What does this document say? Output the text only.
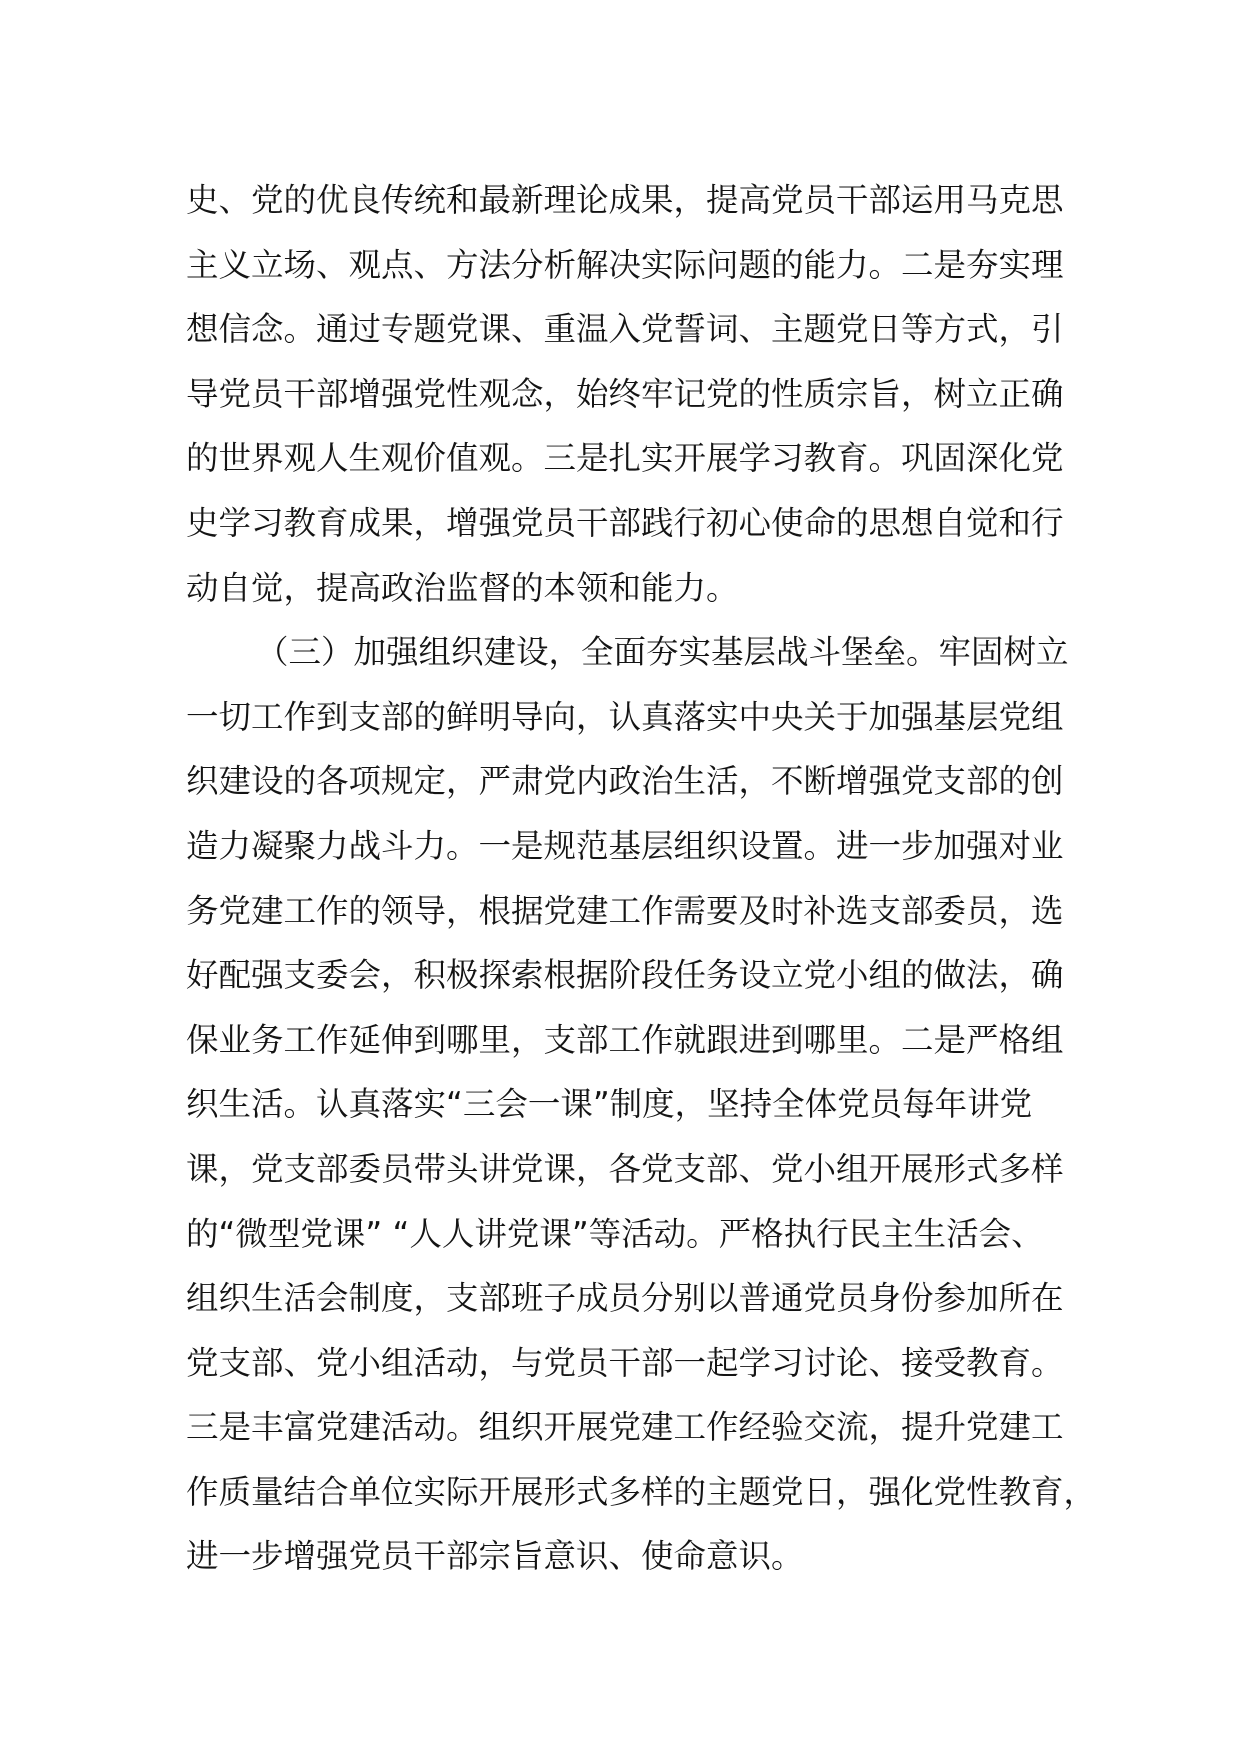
史、党的优良传统和最新理论成果，提高党员干部运用马克思
主义立场、观点、方法分析解决实际问题的能力。二是夯实理
想信念。通过专题党课、重温入党誓词、主题党日等方式，引
导党员干部增强党性观念，始终牢记党的性质宗旨，树立正确
的世界观人生观价值观。三是扎实开展学习教育。巩固深化党
史学习教育成果，增强党员干部践行初心使命的思想自觉和行
动自觉，提高政治监督的本领和能力。
（三）加强组织建设，全面夯实基层战斗堡垒。牢固树立
一切工作到支部的鲜明导向，认真落实中央关于加强基层党组
织建设的各项规定，严肃党内政治生活，不断增强党支部的创
造力凝聚力战斗力。一是规范基层组织设置。进一步加强对业
务党建工作的领导，根据党建工作需要及时补选支部委员，选
好配强支委会，积极探索根据阶段任务设立党小组的做法，确
保业务工作延伸到哪里，支部工作就跟进到哪里。二是严格组
织生活。认真落实“三会一课”制度，坚持全体党员每年讲党
课，党支部委员带头讲党课，各党支部、党小组开展形式多样
的“微型党课” “人人讲党课”等活动。严格执行民主生活会、
组织生活会制度，支部班子成员分别以普通党员身份参加所在
党支部、党小组活动，与党员干部一起学习讨论、接受教育。
三是丰富党建活动。组织开展党建工作经验交流，提升党建工
作质量结合单位实际开展形式多样的主题党日，强化党性教育，
进一步增强党员干部宗旨意识、使命意识。
